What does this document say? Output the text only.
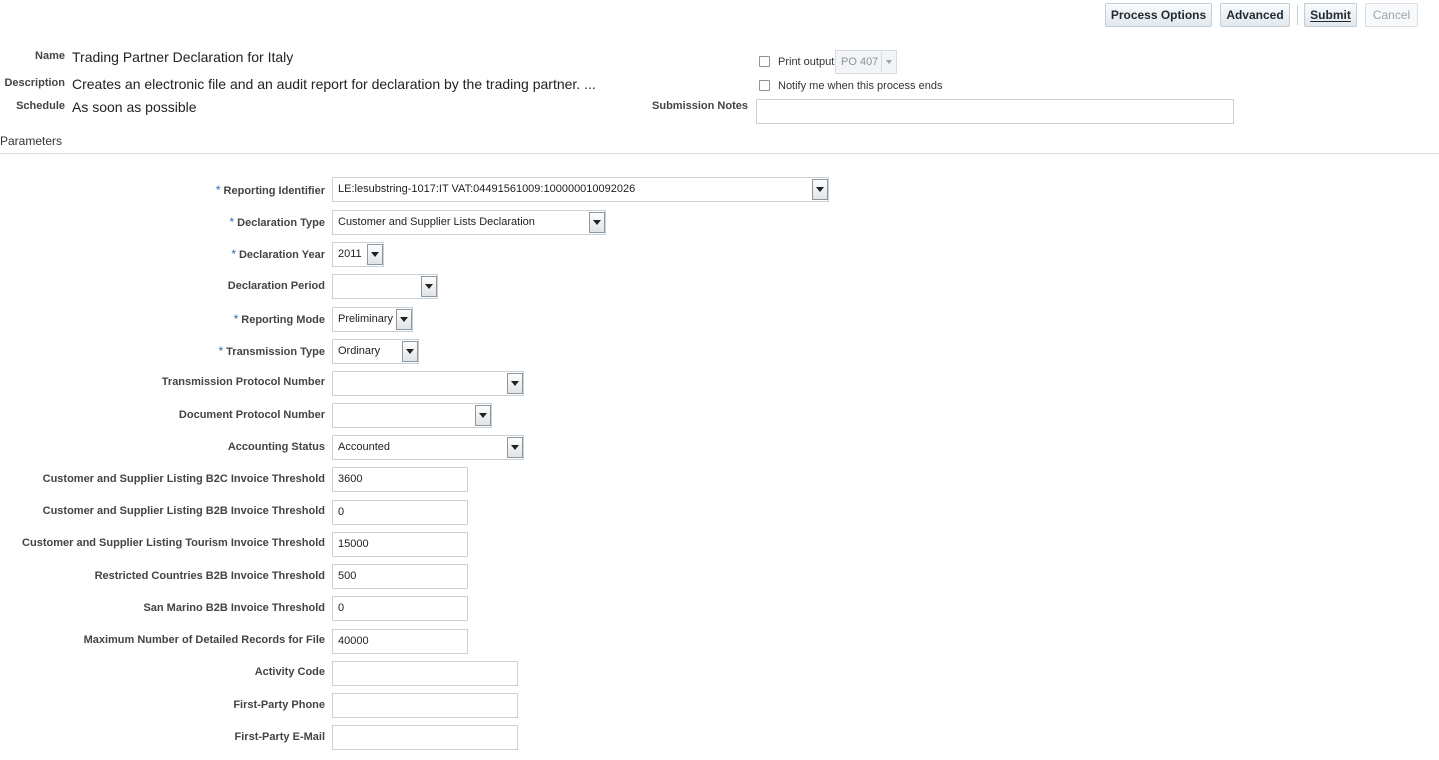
Process Options	Advanced	Submit	Cancel
Name Trading Partner Declaration for Italy
Description Creates an electronic file and an audit report for declaration by the trading partner. ...
Schedule As soon as possible
Print output PO 407
Notify me when this process ends
Submission Notes
Parameters
* Reporting Identifier	LE:lesubstring-1017:IT VAT:04491561009:100000010092026
* Declaration Type	Customer and Supplier Lists Declaration
* Declaration Year	2011
Declaration Period
* Reporting Mode	Preliminary
* Transmission Type	Ordinary
Transmission Protocol Number
Document Protocol Number
Accounting Status	Accounted
Customer and Supplier Listing B2C Invoice Threshold	3600
Customer and Supplier Listing B2B Invoice Threshold	0
Customer and Supplier Listing Tourism Invoice Threshold	15000
Restricted Countries B2B Invoice Threshold	500
San Marino B2B Invoice Threshold	0
Maximum Number of Detailed Records for File	40000
Activity Code
First-Party Phone
First-Party E-Mail
